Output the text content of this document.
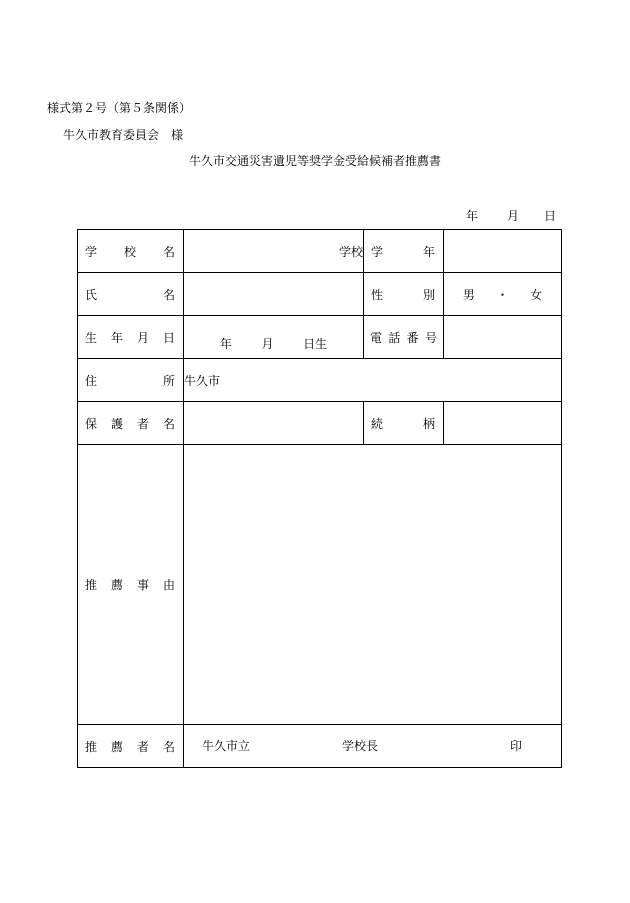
様式第２号（第５条関係）
牛久市教育委員会　様
牛久市交通災害遺児等奨学金受給候補者推薦書
年 月 日
学 校 名	学校	学 年	

氏 名		性 別	男 ・ 女

生 年 月 日	年 月 日生	電 話 番 号	

住 所	牛久市		

保 護 者 名		続 柄	

推 薦 事 由			

推 薦 者 名	牛久市立 学校長 印		
